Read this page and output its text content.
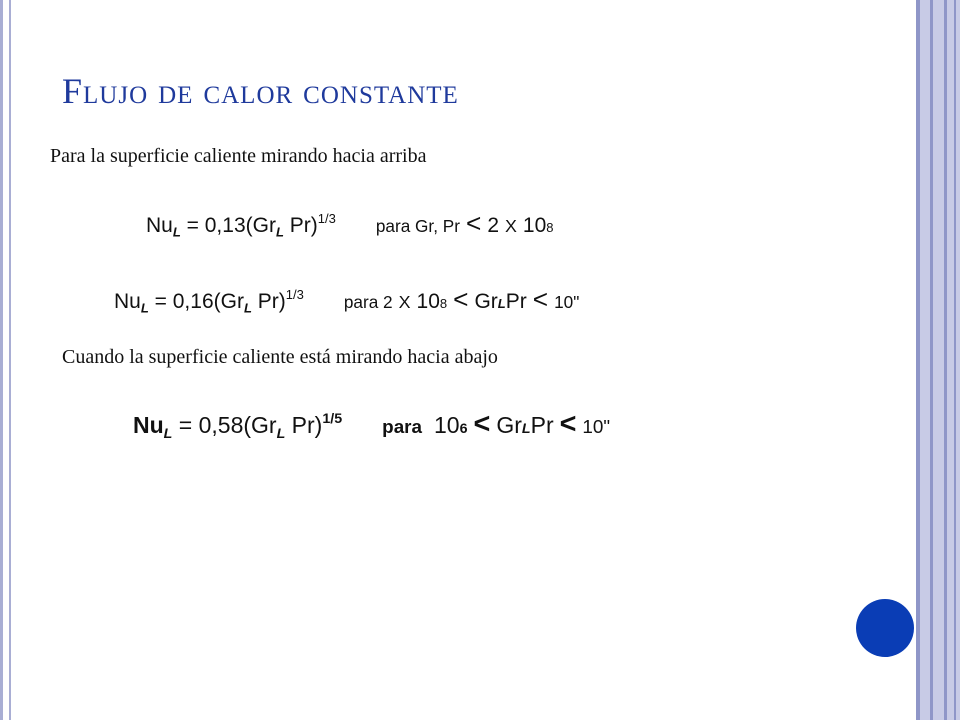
Flujo de calor constante
Para la superficie caliente mirando hacia arriba
$Nu_L = 0,13(Gr_L$ Pr)$^{1/3}$ para Gr, Pr < 2 X 10 8
$Nu_L = 0,16(Gr_L$ Pr)$^{1/3}$ para 2 X 10 8 < Gr L Pr < 10"
Cuando la superficie caliente está mirando hacia abajo
$Nu_L = 0,58(Gr_L$ Pr)$^{1/5}$ para 10 6 < Gr L Pr < 10"
